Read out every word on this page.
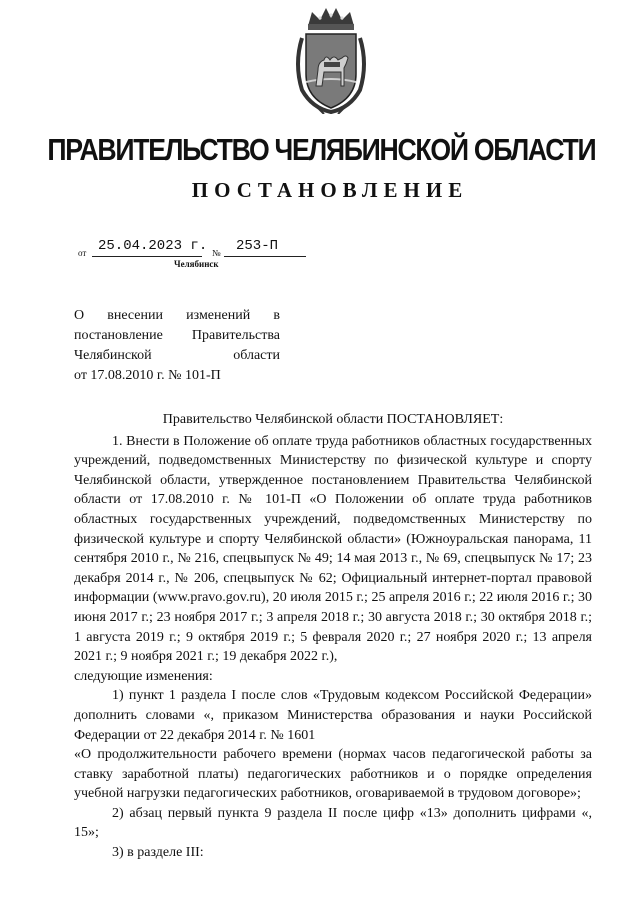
ПРАВИТЕЛЬСТВО ЧЕЛЯБИНСКОЙ ОБЛАСТИ
ПОСТАНОВЛЕНИЕ
от 25.04.2023 г. № 253-П
Челябинск
О внесении изменений в
постановление Правительства
Челябинской	области
от 17.08.2010 г. № 101-П

Правительство Челябинской области ПОСТАНОВЛЯЕТ:

1. Внести в Положение об оплате труда работников областных государственных учреждений, подведомственных Министерству по физической культуре и спорту Челябинской области, утвержденное постановлением Правительства Челябинской области от 17.08.2010 г. № 101-П «О Положении об оплате труда работников областных государственных учреждений, подведомственных Министерству по физической культуре и спорту Челябинской области» (Южноуральская панорама, 11 сентября 2010 г., № 216, спецвыпуск № 49; 14 мая 2013 г., № 69, спецвыпуск № 17; 23 декабря 2014 г., № 206, спецвыпуск № 62; Официальный интернет-портал правовой информации (www.pravo.gov.ru), 20 июля 2015 г.; 25 апреля 2016 г.; 22 июля 2016 г.; 30 июня 2017 г.; 23 ноября 2017 г.; 3 апреля 2018 г.; 30 августа 2018 г.; 30 октября 2018 г.; 1 августа 2019 г.; 9 октября 2019 г.; 5 февраля 2020 г.; 27 ноября 2020 г.; 13 апреля 2021 г.; 9 ноября 2021 г.; 19 декабря 2022 г.),

следующие изменения:

1) пункт 1 раздела I после слов «Трудовым кодексом Российской Федерации» дополнить словами «, приказом Министерства образования и науки Российской Федерации от 22 декабря 2014 г. № 1601

«О продолжительности рабочего времени (нормах часов педагогической работы за ставку заработной платы) педагогических работников и о порядке определения учебной нагрузки педагогических работников, оговариваемой в трудовом договоре»;

2) абзац первый пункта 9 раздела II после цифр «13» дополнить цифрами «, 15»;

3) в разделе III:
